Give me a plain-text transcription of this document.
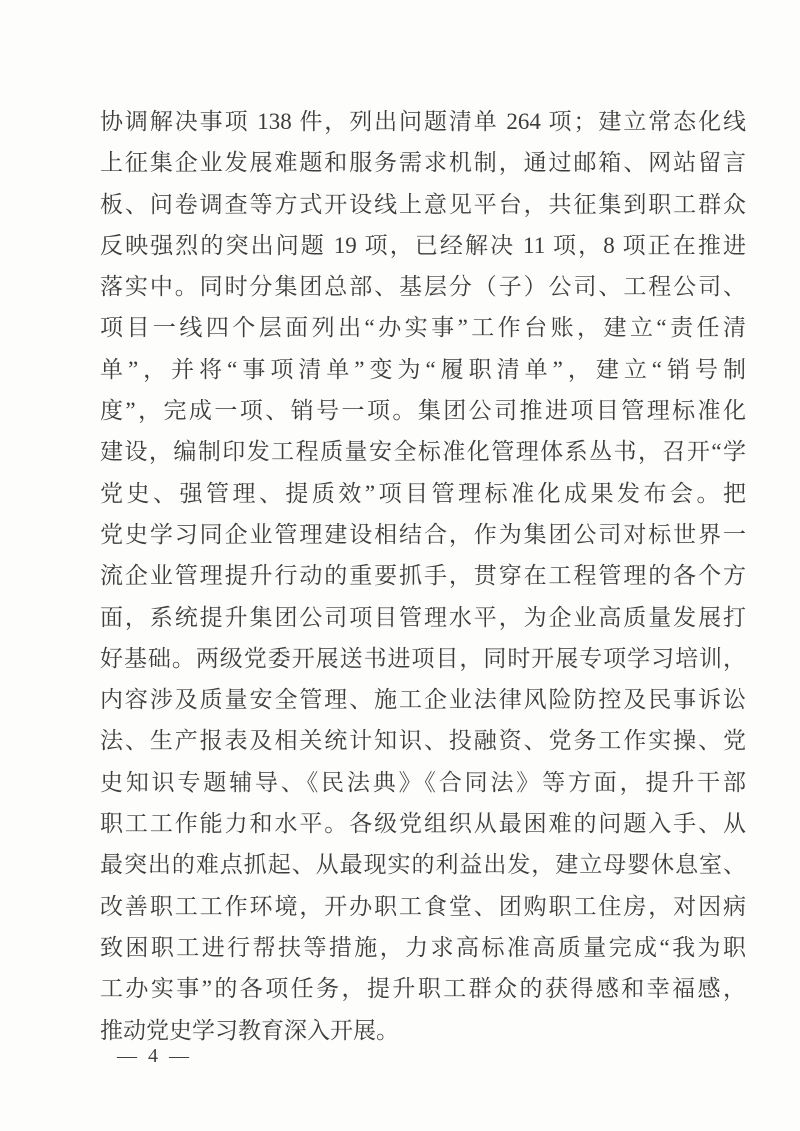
协调解决事项 138 件，列出问题清单 264 项；建立常态化线
上征集企业发展难题和服务需求机制，通过邮箱、网站留言
板、问卷调查等方式开设线上意见平台，共征集到职工群众
反映强烈的突出问题 19 项，已经解决 11 项，8 项正在推进
落实中。同时分集团总部、基层分（子）公司、工程公司、
项目一线四个层面列出“办实事”工作台账，建立“责任清
单”，并将“事项清单”变为“履职清单”，建立“销号制
度”，完成一项、销号一项。集团公司推进项目管理标准化
建设，编制印发工程质量安全标准化管理体系丛书，召开“学
党史、强管理、提质效”项目管理标准化成果发布会。把
党史学习同企业管理建设相结合，作为集团公司对标世界一
流企业管理提升行动的重要抓手，贯穿在工程管理的各个方
面，系统提升集团公司项目管理水平，为企业高质量发展打
好基础。两级党委开展送书进项目，同时开展专项学习培训，
内容涉及质量安全管理、施工企业法律风险防控及民事诉讼
法、生产报表及相关统计知识、投融资、党务工作实操、党
史知识专题辅导、《民法典》《合同法》等方面，提升干部
职工工作能力和水平。各级党组织从最困难的问题入手、从
最突出的难点抓起、从最现实的利益出发，建立母婴休息室、
改善职工工作环境，开办职工食堂、团购职工住房，对因病
致困职工进行帮扶等措施，力求高标准高质量完成“我为职
工办实事”的各项任务，提升职工群众的获得感和幸福感，
推动党史学习教育深入开展。
— 4 —
